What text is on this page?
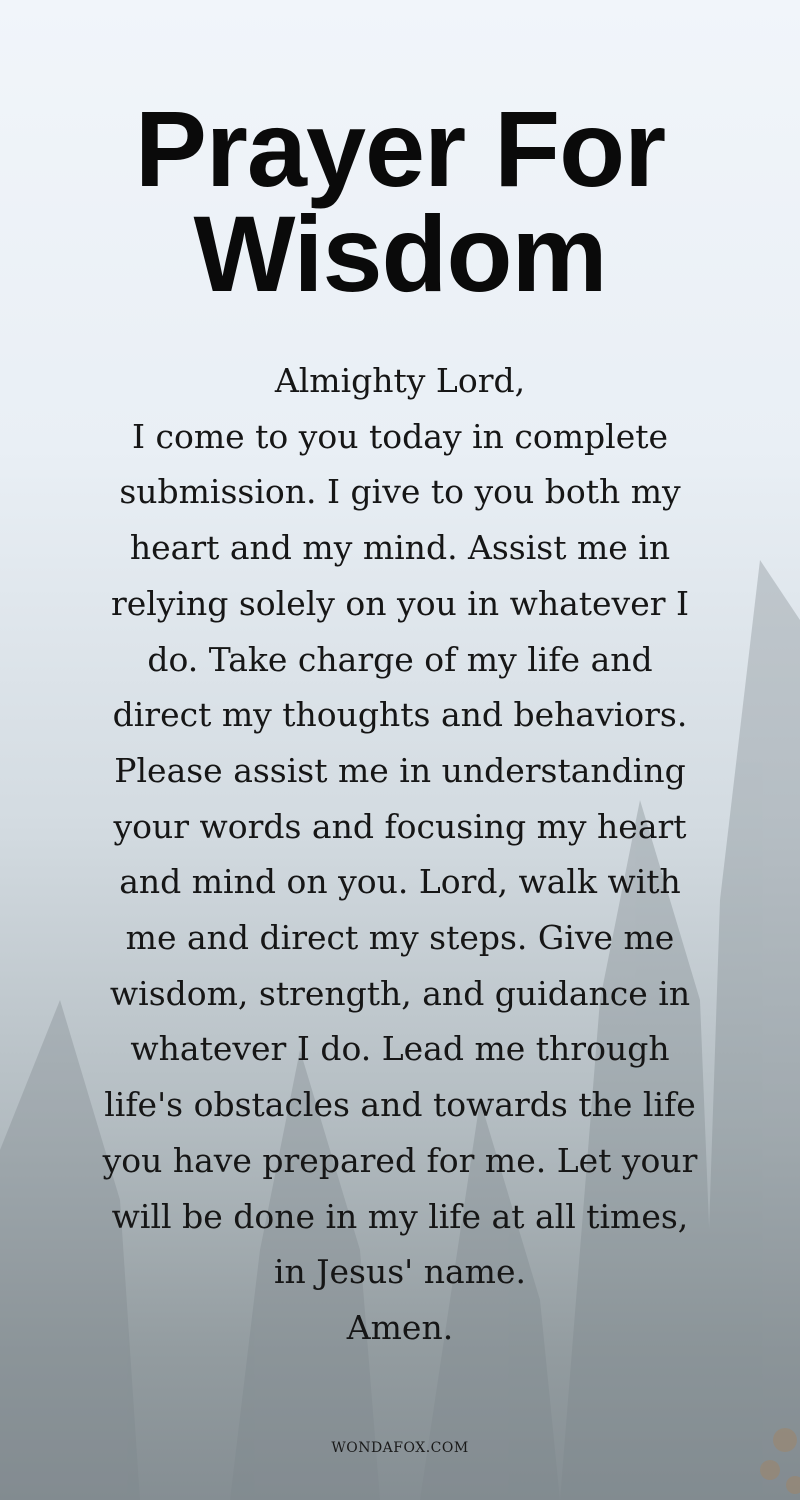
Prayer For
Wisdom
Almighty Lord,
I come to you today in complete
submission. I give to you both my
heart and my mind. Assist me in
relying solely on you in whatever I
do. Take charge of my life and
direct my thoughts and behaviors.
Please assist me in understanding
your words and focusing my heart
and mind on you. Lord, walk with
me and direct my steps. Give me
wisdom, strength, and guidance in
whatever I do. Lead me through
life's obstacles and towards the life
you have prepared for me. Let your
will be done in my life at all times,
in Jesus' name.
Amen.
WONDAFOX.COM
